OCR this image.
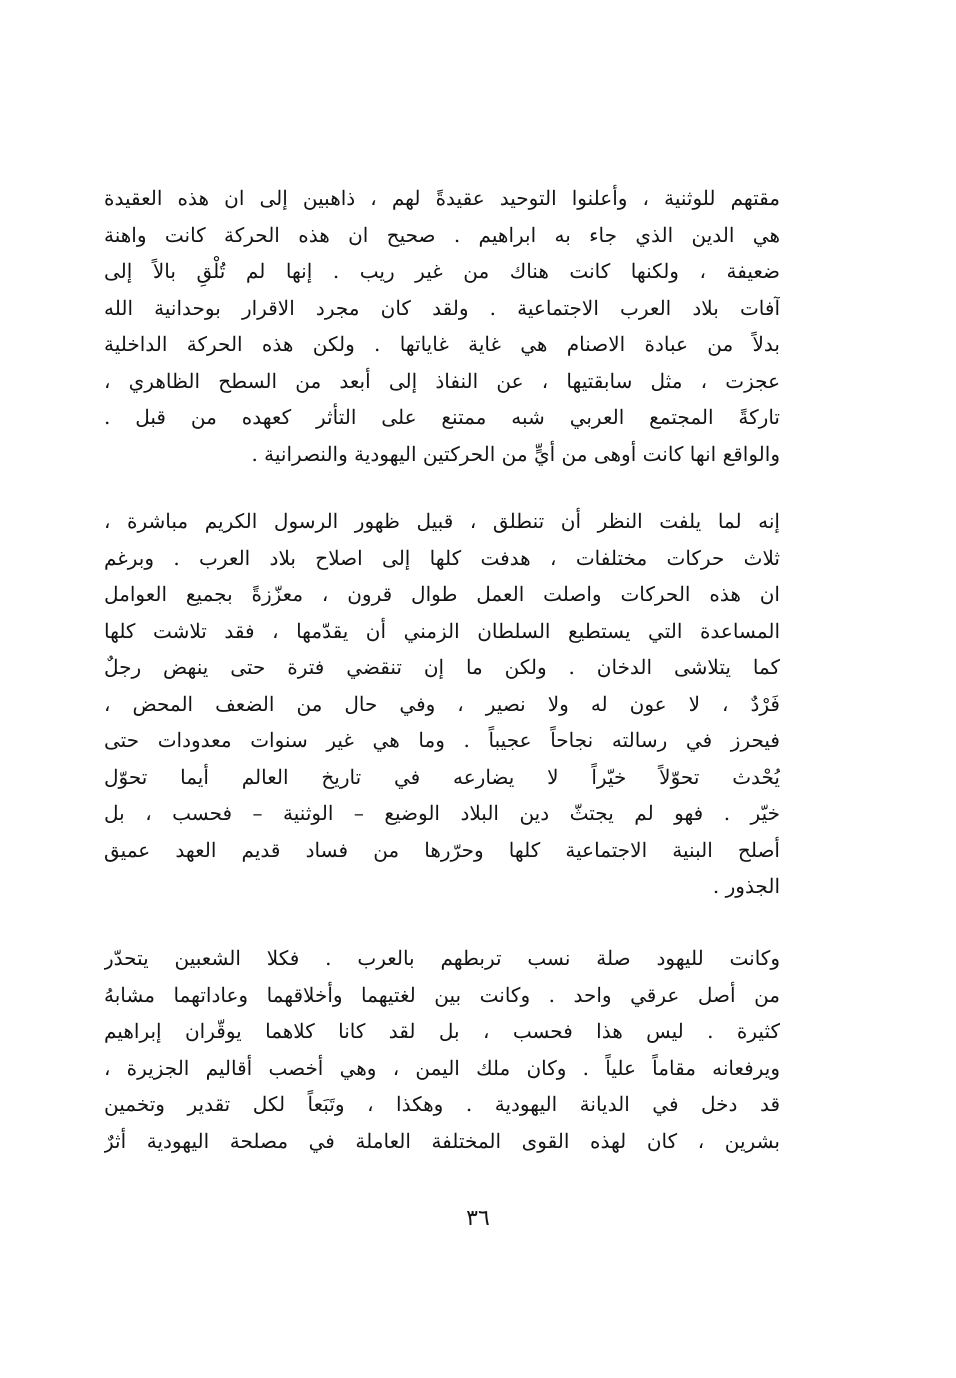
مقتهم للوثنية ، وأعلنوا التوحيد عقيدةً لهم ، ذاهبين إلى ان هذه العقيدة
هي الدين الذي جاء به ابراهيم . صحيح ان هذه الحركة كانت واهنة
ضعيفة ، ولكنها كانت هناك من غير ريب . إنها لم تُلْقِ بالاً إلى
آفات بلاد العرب الاجتماعية . ولقد كان مجرد الاقرار بوحدانية الله
بدلاً من عبادة الاصنام هي غاية غاياتها . ولكن هذه الحركة الداخلية
عجزت ، مثل سابقتيها ، عن النفاذ إلى أبعد من السطح الظاهري ،
تاركةً المجتمع العربي شبه ممتنع على التأثر كعهده من قبل .
والواقع انها كانت أوهى من أيٍّ من الحركتين اليهودية والنصرانية .
إنه لما يلفت النظر أن تنطلق ، قبيل ظهور الرسول الكريم مباشرة ،
ثلاث حركات مختلفات ، هدفت كلها إلى اصلاح بلاد العرب . وبرغم
ان هذه الحركات واصلت العمل طوال قرون ، معزّزةً بجميع العوامل
المساعدة التي يستطيع السلطان الزمني أن يقدّمها ، فقد تلاشت كلها
كما يتلاشى الدخان . ولكن ما إن تنقضي فترة حتى ينهض رجلٌ
فَرْدٌ ، لا عون له ولا نصير ، وفي حال من الضعف المحض ،
فيحرز في رسالته نجاحاً عجيباً . وما هي غير سنوات معدودات حتى
يُحْدث تحوّلاً خيّراً لا يضارعه في تاريخ العالم أيما تحوّل
خيّر . فهو لم يجتثّ دين البلاد الوضيع – الوثنية – فحسب ، بل
أصلح البنية الاجتماعية كلها وحرّرها من فساد قديم العهد عميق
الجذور .
وكانت لليهود صلة نسب تربطهم بالعرب . فكلا الشعبين يتحدّر
من أصل عرقي واحد . وكانت بين لغتيهما وأخلاقهما وعاداتهما مشابهُ
كثيرة . ليس هذا فحسب ، بل لقد كانا كلاهما يوقّران إبراهيم
ويرفعانه مقاماً علياً . وكان ملك اليمن ، وهي أخصب أقاليم الجزيرة ،
قد دخل في الديانة اليهودية . وهكذا ، وتَبَعاً لكل تقدير وتخمين
بشرين ، كان لهذه القوى المختلفة العاملة في مصلحة اليهودية أثرٌ
٣٦
